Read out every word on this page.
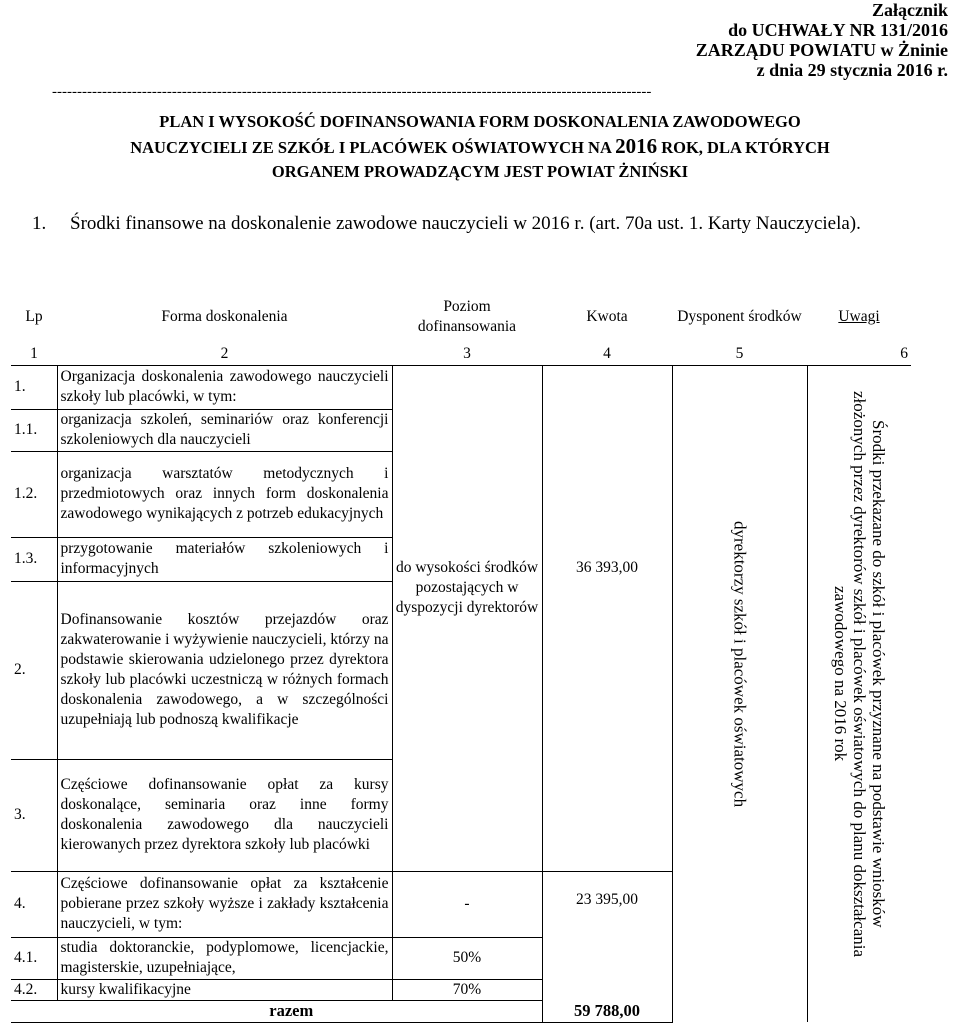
Załącznik
do UCHWAŁY NR 131/2016
ZARZĄDU POWIATU w Żninie
z dnia 29 stycznia 2016 r.
------------------------------------------------------------------------------------------------------------------------
PLAN I WYSOKOŚĆ DOFINANSOWANIA FORM DOSKONALENIA ZAWODOWEGO
NAUCZYCIELI ZE SZKÓŁ I PLACÓWEK OŚWIATOWYCH NA 2016 ROK, DLA KTÓRYCH
ORGANEM PROWADZĄCYM JEST POWIAT ŻNIŃSKI
1. Środki finansowe na doskonalenie zawodowe nauczycieli w 2016 r. (art. 70a ust. 1. Karty Nauczyciela).
Lp	Forma doskonalenia	Poziom dofinansowania	Kwota	Dysponent środków	Uwagi
1	2	3	4	5	6
1.	Organizacja doskonalenia zawodowego nauczycieli szkoły lub placówki, w tym:	do wysokości środków pozostających w dyspozycji dyrektorów	36 393,00	dyrektorzy szkół i placówek oświatowych	Środki przekazane do szkół i placówek przyznane na podstawie wniosków złożonych przez dyrektorów szkół i placówek oświatowych do planu dokształcania zawodowego na 2016 rok

1.1.	organizacja szkoleń, seminariów oraz konferencji szkoleniowych dla nauczycieli				
1.2.	organizacja warsztatów metodycznych i przedmiotowych oraz innych form doskonalenia zawodowego wynikających z potrzeb edukacyjnych				
1.3.	przygotowanie materiałów szkoleniowych i informacyjnych				
2.	Dofinansowanie kosztów przejazdów oraz zakwaterowanie i wyżywienie nauczycieli, którzy na podstawie skierowania udzielonego przez dyrektora szkoły lub placówki uczestniczą w różnych formach doskonalenia zawodowego, a w szczególności uzupełniają lub podnoszą kwalifikacje				
3.	Częściowe dofinansowanie opłat za kursy doskonalące, seminaria oraz inne formy doskonalenia zawodowego dla nauczycieli kierowanych przez dyrektora szkoły lub placówki				
4.	Częściowe dofinansowanie opłat za kształcenie pobierane przez szkoły wyższe i zakłady kształcenia nauczycieli, w tym:	-	23 395,00		

4.1.	studia doktoranckie, podyplomowe, licencjackie, magisterskie, uzupełniające,	50%			
4.2.	kursy kwalifikacyjne	70%			

razem			59 788,00		
